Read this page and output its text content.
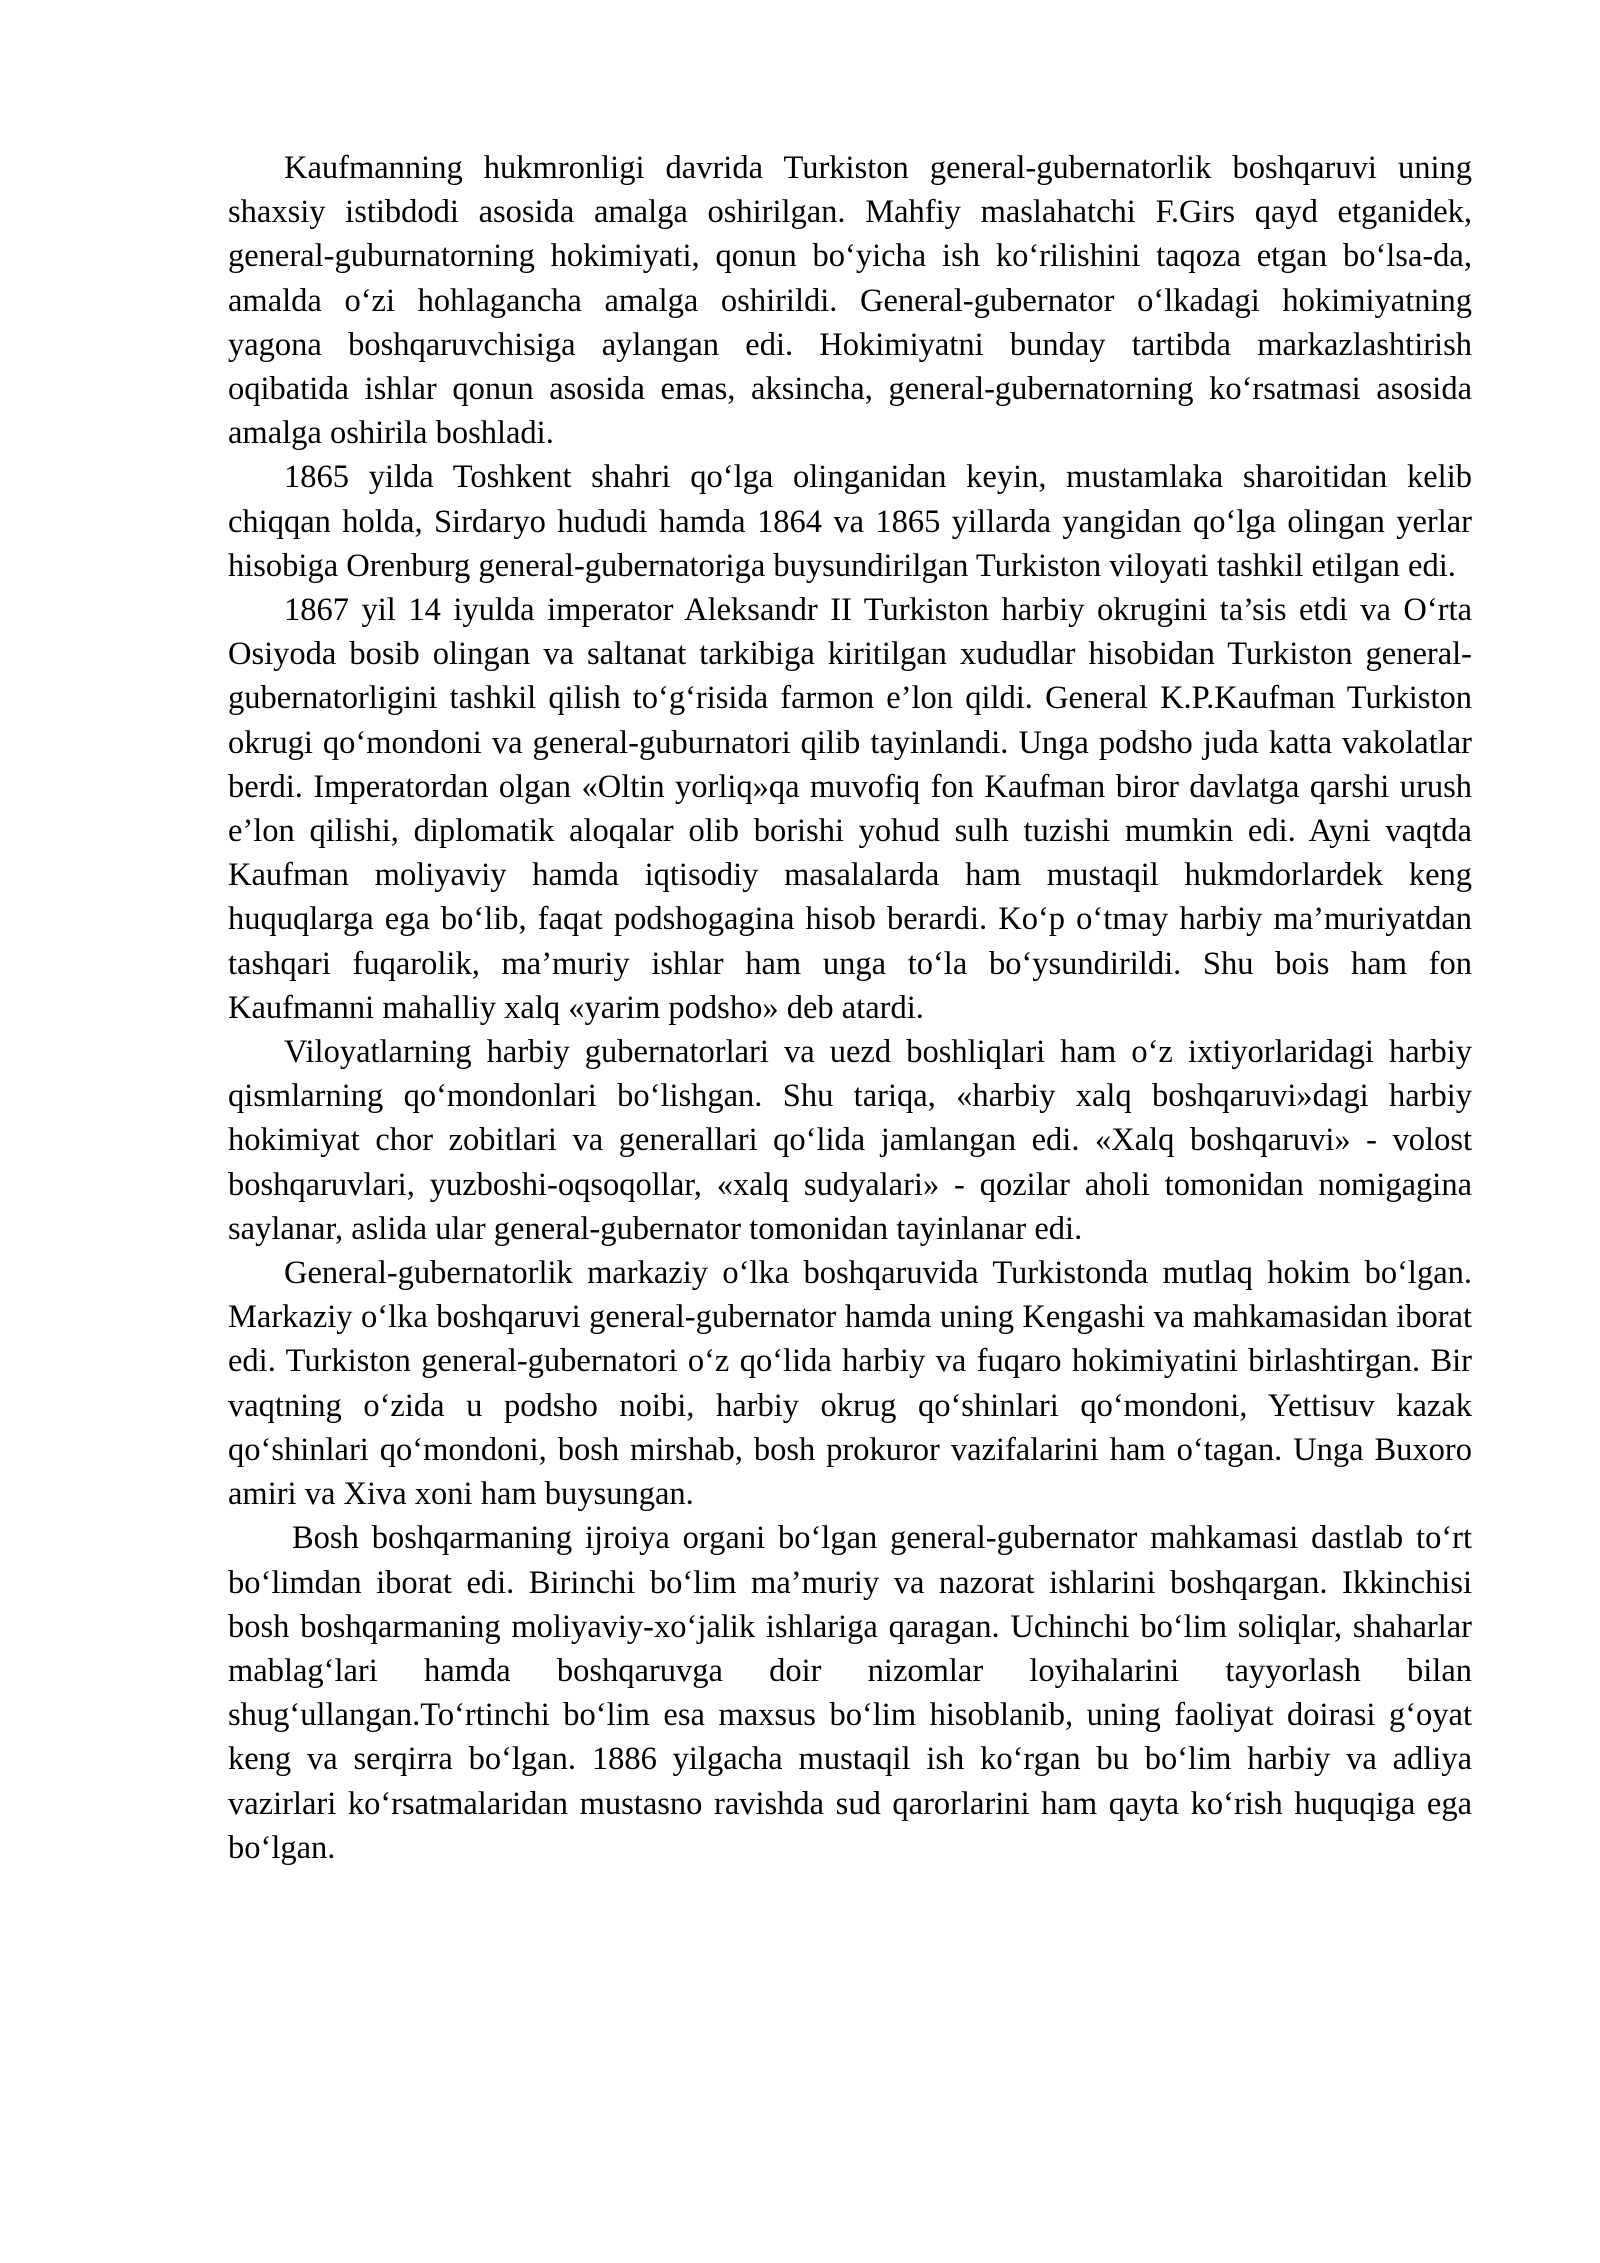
Kaufmanning hukmronligi davrida Turkiston general-gubernatorlik boshqaruvi uning shaxsiy istibdodi asosida amalga oshirilgan. Mahfiy maslahatchi F.Girs qayd etganidek, general-guburnatorning hokimiyati, qonun bo‘yicha ish ko‘rilishini taqoza etgan bo‘lsa-da, amalda o‘zi hohlagancha amalga oshirildi. General-gubernator o‘lkadagi hokimiyatning yagona boshqaruvchisiga aylangan edi. Hokimiyatni bunday tartibda markazlashtirish oqibatida ishlar qonun asosida emas, aksincha, general-gubernatorning ko‘rsatmasi asosida amalga oshirila boshladi.

1865 yilda Toshkent shahri qo‘lga olinganidan keyin, mustamlaka sharoitidan kelib chiqqan holda, Sirdaryo hududi hamda 1864 va 1865 yillarda yangidan qo‘lga olingan yerlar hisobiga Orenburg general-gubernatoriga buysundirilgan Turkiston viloyati tashkil etilgan edi.

1867 yil 14 iyulda imperator Aleksandr II Turkiston harbiy okrugini ta’sis etdi va O‘rta Osiyoda bosib olingan va saltanat tarkibiga kiritilgan xududlar hisobidan Turkiston general-gubernatorligini tashkil qilish to‘g‘risida farmon e’lon qildi. General K.P.Kaufman Turkiston okrugi qo‘mondoni va general-guburnatori qilib tayinlandi. Unga podsho juda katta vakolatlar berdi. Imperatordan olgan «Oltin yorliq»qa muvofiq fon Kaufman biror davlatga qarshi urush e’lon qilishi, diplomatik aloqalar olib borishi yohud sulh tuzishi mumkin edi. Ayni vaqtda Kaufman moliyaviy hamda iqtisodiy masalalarda ham mustaqil hukmdorlardek keng huquqlarga ega bo‘lib, faqat podshogagina hisob berardi. Ko‘p o‘tmay harbiy ma’muriyatdan tashqari fuqarolik, ma’muriy ishlar ham unga to‘la bo‘ysundirildi. Shu bois ham fon Kaufmanni mahalliy xalq «yarim podsho» deb atardi.

Viloyatlarning harbiy gubernatorlari va uezd boshliqlari ham o‘z ixtiyorlaridagi harbiy qismlarning qo‘mondonlari bo‘lishgan. Shu tariqa, «harbiy xalq boshqaruvi»dagi harbiy hokimiyat chor zobitlari va generallari qo‘lida jamlangan edi. «Xalq boshqaruvi» - volost boshqaruvlari, yuzboshi-oqsoqollar, «xalq sudyalari» - qozilar aholi tomonidan nomigagina saylanar, aslida ular general-gubernator tomonidan tayinlanar edi.

General-gubernatorlik markaziy o‘lka boshqaruvida Turkistonda mutlaq hokim bo‘lgan. Markaziy o‘lka boshqaruvi general-gubernator hamda uning Kengashi va mahkamasidan iborat edi. Turkiston general-gubernatori o‘z qo‘lida harbiy va fuqaro hokimiyatini birlashtirgan. Bir vaqtning o‘zida u podsho noibi, harbiy okrug qo‘shinlari qo‘mondoni, Yettisuv kazak qo‘shinlari qo‘mondoni, bosh mirshab, bosh prokuror vazifalarini ham o‘tagan. Unga Buxoro amiri va Xiva xoni ham buysungan.

Bosh boshqarmaning ijroiya organi bo‘lgan general-gubernator mahkamasi dastlab to‘rt bo‘limdan iborat edi. Birinchi bo‘lim ma’muriy va nazorat ishlarini boshqargan. Ikkinchisi bosh boshqarmaning moliyaviy-xo‘jalik ishlariga qaragan. Uchinchi bo‘lim soliqlar, shaharlar mablag‘lari hamda boshqaruvga doir nizomlar loyihalarini tayyorlash bilan shug‘ullangan.To‘rtinchi bo‘lim esa maxsus bo‘lim hisoblanib, uning faoliyat doirasi g‘oyat keng va serqirra bo‘lgan. 1886 yilgacha mustaqil ish ko‘rgan bu bo‘lim harbiy va adliya vazirlari ko‘rsatmalaridan mustasno ravishda sud qarorlarini ham qayta ko‘rish huquqiga ega bo‘lgan.
